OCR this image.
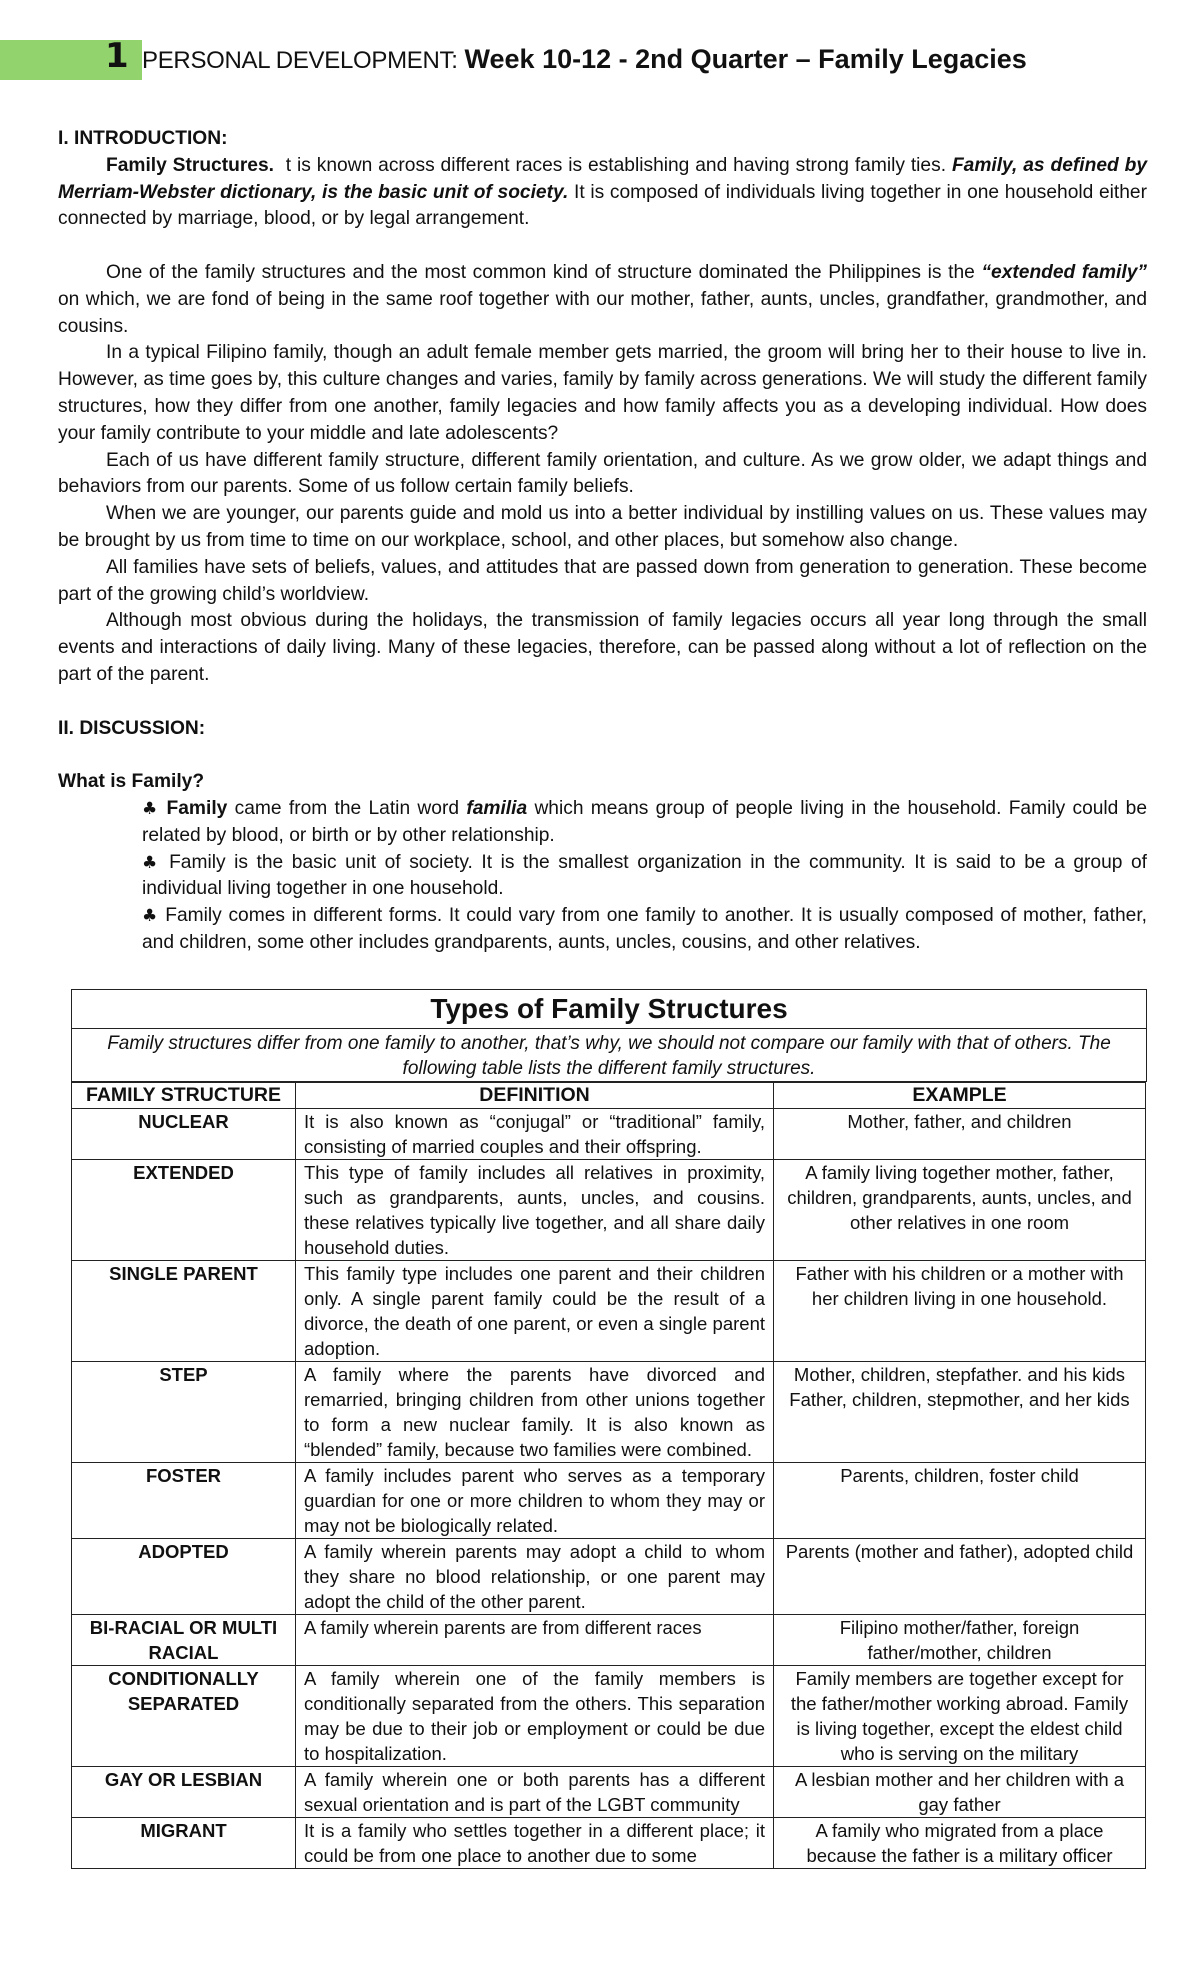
1 PERSONAL DEVELOPMENT: Week 10-12 - 2nd Quarter – Family Legacies

I. INTRODUCTION:

Family Structures. t is known across different races is establishing and having strong family ties. Family, as defined by Merriam-Webster dictionary, is the basic unit of society. It is composed of individuals living together in one household either connected by marriage, blood, or by legal arrangement.

One of the family structures and the most common kind of structure dominated the Philippines is the “extended family” on which, we are fond of being in the same roof together with our mother, father, aunts, uncles, grandfather, grandmother, and cousins.

In a typical Filipino family, though an adult female member gets married, the groom will bring her to their house to live in. However, as time goes by, this culture changes and varies, family by family across generations. We will study the different family structures, how they differ from one another, family legacies and how family affects you as a developing individual. How does your family contribute to your middle and late adolescents?

Each of us have different family structure, different family orientation, and culture. As we grow older, we adapt things and behaviors from our parents. Some of us follow certain family beliefs.

When we are younger, our parents guide and mold us into a better individual by instilling values on us. These values may be brought by us from time to time on our workplace, school, and other places, but somehow also change.

All families have sets of beliefs, values, and attitudes that are passed down from generation to generation. These become part of the growing child’s worldview.

Although most obvious during the holidays, the transmission of family legacies occurs all year long through the small events and interactions of daily living. Many of these legacies, therefore, can be passed along without a lot of reflection on the part of the parent.

II. DISCUSSION:

What is Family?

♣ Family came from the Latin word familia which means group of people living in the household. Family could be related by blood, or birth or by other relationship.
♣ Family is the basic unit of society. It is the smallest organization in the community. It is said to be a group of individual living together in one household.
♣ Family comes in different forms. It could vary from one family to another. It is usually composed of mother, father, and children, some other includes grandparents, aunts, uncles, cousins, and other relatives.
Types of Family Structures
Family structures differ from one family to another, that’s why, we should not compare our family with that of others. The following table lists the different family structures.
FAMILY STRUCTURE	DEFINITION	EXAMPLE
NUCLEAR	It is also known as “conjugal” or “traditional” family, consisting of married couples and their offspring.	Mother, father, and children
EXTENDED	This type of family includes all relatives in proximity, such as grandparents, aunts, uncles, and cousins. these relatives typically live together, and all share daily household duties.	A family living together mother, father, children, grandparents, aunts, uncles, and other relatives in one room
SINGLE PARENT	This family type includes one parent and their children only. A single parent family could be the result of a divorce, the death of one parent, or even a single parent adoption.	Father with his children or a mother with her children living in one household.
STEP	A family where the parents have divorced and remarried, bringing children from other unions together to form a new nuclear family. It is also known as “blended” family, because two families were combined.	Mother, children, stepfather. and his kids Father, children, stepmother, and her kids
FOSTER	A family includes parent who serves as a temporary guardian for one or more children to whom they may or may not be biologically related.	Parents, children, foster child
ADOPTED	A family wherein parents may adopt a child to whom they share no blood relationship, or one parent may adopt the child of the other parent.	Parents (mother and father), adopted child
BI-RACIAL OR MULTI RACIAL	A family wherein parents are from different races	Filipino mother/father, foreign father/mother, children
CONDITIONALLY SEPARATED	A family wherein one of the family members is conditionally separated from the others. This separation may be due to their job or employment or could be due to hospitalization.	Family members are together except for the father/mother working abroad. Family is living together, except the eldest child who is serving on the military
GAY OR LESBIAN	A family wherein one or both parents has a different sexual orientation and is part of the LGBT community	A lesbian mother and her children with a gay father
MIGRANT	It is a family who settles together in a different place; it could be from one place to another due to some	A family who migrated from a place because the father is a military officer
